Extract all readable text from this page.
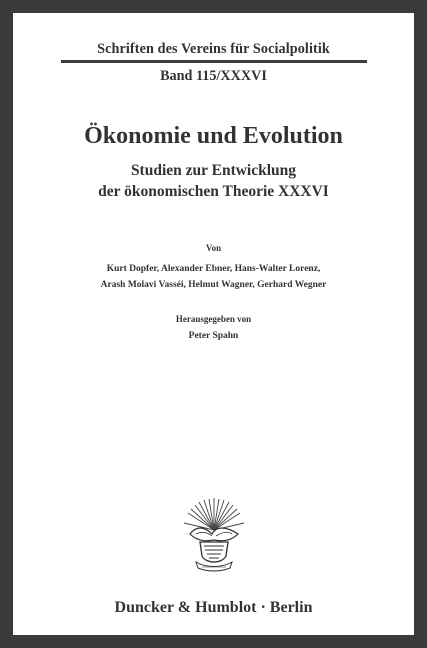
Schriften des Vereins für Socialpolitik
Band 115/XXXVI
Ökonomie und Evolution
Studien zur Entwicklung
der ökonomischen Theorie XXXVI
Von
Kurt Dopfer, Alexander Ebner, Hans-Walter Lorenz,
Arash Molavi Vasséi, Helmut Wagner, Gerhard Wegner
Herausgegeben von
Peter Spahn
Duncker & Humblot · Berlin
